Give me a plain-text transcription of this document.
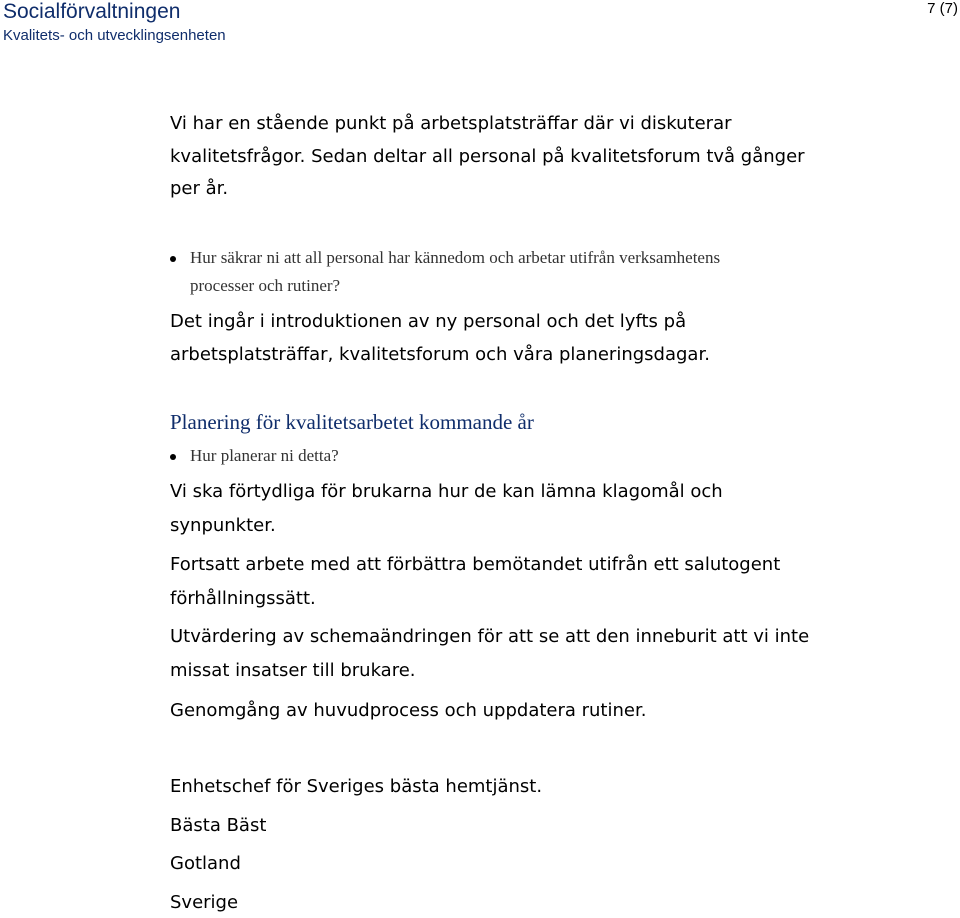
Socialförvaltningen
Kvalitets- och utvecklingsenheten
7 (7)
Vi har en stående punkt på arbetsplatsträffar där vi diskuterar
kvalitetsfrågor. Sedan deltar all personal på kvalitetsforum två gånger
per år.
Hur säkrar ni att all personal har kännedom och arbetar utifrån verksamhetens
processer och rutiner?
Det ingår i introduktionen av ny personal och det lyfts på
arbetsplatsträffar, kvalitetsforum och våra planeringsdagar.
Planering för kvalitetsarbetet kommande år
Hur planerar ni detta?
Vi ska förtydliga för brukarna hur de kan lämna klagomål och
synpunkter.
Fortsatt arbete med att förbättra bemötandet utifrån ett salutogent
förhållningssätt.
Utvärdering av schemaändringen för att se att den inneburit att vi inte
missat insatser till brukare.
Genomgång av huvudprocess och uppdatera rutiner.
Enhetschef för Sveriges bästa hemtjänst.
Bästa Bäst
Gotland
Sverige
